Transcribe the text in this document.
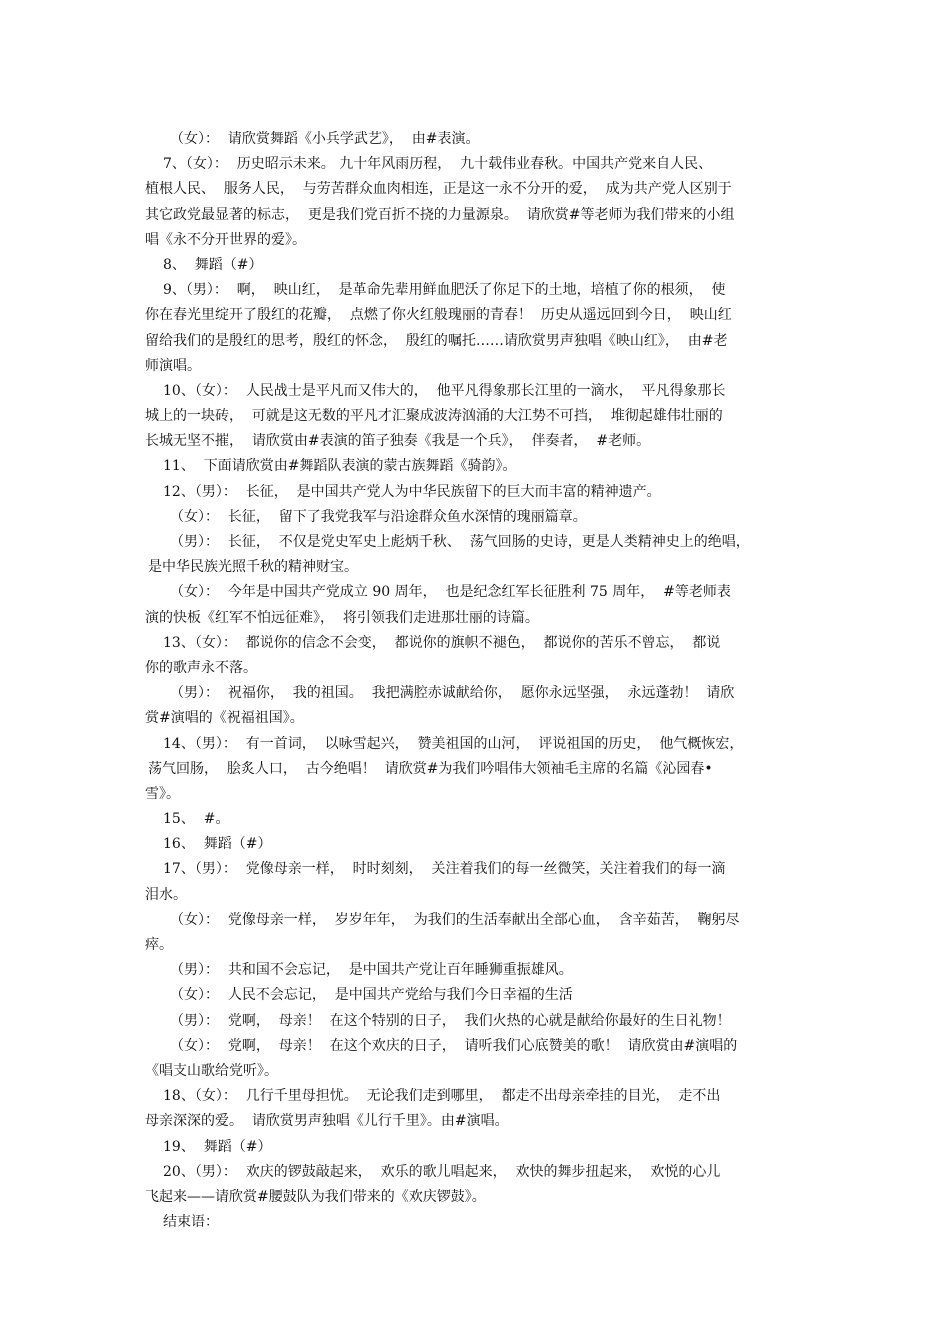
（女）：  请欣赏舞蹈《小兵学武艺》，  由#表演。
7、（女）：  历史昭示未来。 九十年风雨历程，  九十载伟业春秋。中国共产党来自人民、
植根人民、  服务人民，  与劳苦群众血肉相连，正是这一永不分开的爱，  成为共产党人区别于
其它政党最显著的标志，  更是我们党百折不挠的力量源泉。  请欣赏#等老师为我们带来的小组
唱《永不分开世界的爱》。
8、  舞蹈（#）
9、（男）：  啊，  映山红，  是革命先辈用鲜血肥沃了你足下的土地，培植了你的根须，  使
你在春光里绽开了殷红的花瓣，  点燃了你火红般瑰丽的青春！  历史从遥远回到今日，  映山红
留给我们的是殷红的思考，殷红的怀念，  殷红的嘱托……请欣赏男声独唱《映山红》，  由#老
师演唱。
10、（女）：  人民战士是平凡而又伟大的，  他平凡得象那长江里的一滴水，  平凡得象那长
城上的一块砖，  可就是这无数的平凡才汇聚成波涛汹涌的大江势不可挡，  堆彻起雄伟壮丽的
长城无坚不摧，  请欣赏由#表演的笛子独奏《我是一个兵》，  伴奏者，  #老师。
11、  下面请欣赏由#舞蹈队表演的蒙古族舞蹈《骑韵》。
12、（男）：  长征，  是中国共产党人为中华民族留下的巨大而丰富的精神遗产。
（女）：  长征，  留下了我党我军与沿途群众鱼水深情的瑰丽篇章。
（男）：  长征，  不仅是党史军史上彪炳千秋、  荡气回肠的史诗，更是人类精神史上的绝唱，
是中华民族光照千秋的精神财宝。
（女）：  今年是中国共产党成立 90 周年，  也是纪念红军长征胜利 75 周年，  #等老师表
演的快板《红军不怕远征难》，  将引领我们走进那壮丽的诗篇。
13、（女）：  都说你的信念不会变，  都说你的旗帜不褪色，  都说你的苦乐不曾忘，  都说
你的歌声永不落。
（男）：  祝福你，  我的祖国。  我把满腔赤诚献给你，  愿你永远坚强，  永远蓬勃！  请欣
赏#演唱的《祝福祖国》。
14、（男）：  有一首词，  以咏雪起兴，  赞美祖国的山河，  评说祖国的历史，  他气概恢宏，
荡气回肠，  脍炙人口，  古今绝唱！  请欣赏#为我们吟唱伟大领袖毛主席的名篇《沁园春•
雪》。
15、  #。
16、  舞蹈（#）
17、（男）：  党像母亲一样，  时时刻刻，  关注着我们的每一丝微笑，关注着我们的每一滴
泪水。
（女）：  党像母亲一样，  岁岁年年，  为我们的生活奉献出全部心血，  含辛茹苦，  鞠躬尽
瘁。
（男）：  共和国不会忘记，  是中国共产党让百年睡狮重振雄风。
（女）：  人民不会忘记，  是中国共产党给与我们今日幸福的生活
（男）：  党啊，  母亲！  在这个特别的日子，  我们火热的心就是献给你最好的生日礼物！
（女）：  党啊，  母亲！  在这个欢庆的日子，  请听我们心底赞美的歌！  请欣赏由#演唱的
《唱支山歌给党听》。
18、（女）：  几行千里母担忧。  无论我们走到哪里，  都走不出母亲牵挂的目光，  走不出
母亲深深的爱。  请欣赏男声独唱《儿行千里》。由#演唱。
19、  舞蹈（#）
20、（男）：  欢庆的锣鼓敲起来，  欢乐的歌儿唱起来，  欢快的舞步扭起来，  欢悦的心儿
飞起来——请欣赏#腰鼓队为我们带来的《欢庆锣鼓》。
结束语：
